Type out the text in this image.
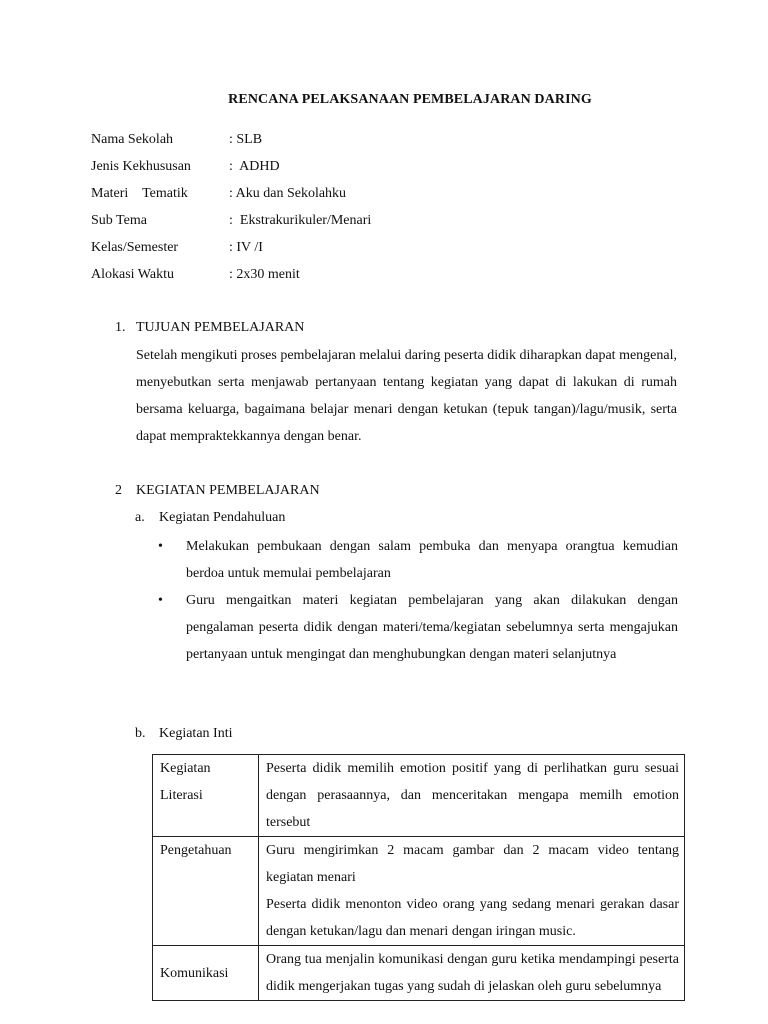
RENCANA PELAKSANAAN PEMBELAJARAN DARING
Nama Sekolah	: SLB
Jenis Kekhususan	:  ADHD
Materi    Tematik	: Aku dan Sekolahku
Sub Tema	:  Ekstrakurikuler/Menari
Kelas/Semester	: IV /I
Alokasi Waktu	: 2x30 menit
1. TUJUAN PEMBELAJARAN
Setelah mengikuti proses pembelajaran melalui daring peserta didik diharapkan dapat mengenal, menyebutkan serta menjawab pertanyaan tentang kegiatan yang dapat di lakukan di rumah bersama keluarga, bagaimana belajar menari dengan ketukan (tepuk tangan)/lagu/musik, serta dapat mempraktekkannya dengan benar.
2 KEGIATAN PEMBELAJARAN
a. Kegiatan Pendahuluan
• Melakukan pembukaan dengan salam pembuka dan menyapa orangtua kemudian berdoa untuk memulai pembelajaran
• Guru mengaitkan materi kegiatan pembelajaran yang akan dilakukan dengan pengalaman peserta didik dengan materi/tema/kegiatan sebelumnya serta mengajukan pertanyaan untuk mengingat dan menghubungkan dengan materi selanjutnya
b. Kegiatan Inti
Kegiatan Literasi	Peserta didik memilih emotion positif yang di perlihatkan guru sesuai dengan perasaannya, dan menceritakan mengapa memilh emotion tersebut
Pengetahuan	Guru mengirimkan 2 macam gambar dan 2 macam video tentang kegiatan menari
Peserta didik menonton video orang yang sedang menari gerakan dasar dengan ketukan/lagu dan menari dengan iringan music.

Komunikasi	Orang tua menjalin komunikasi dengan guru ketika mendampingi peserta didik mengerjakan tugas yang sudah di jelaskan oleh guru sebelumnya
